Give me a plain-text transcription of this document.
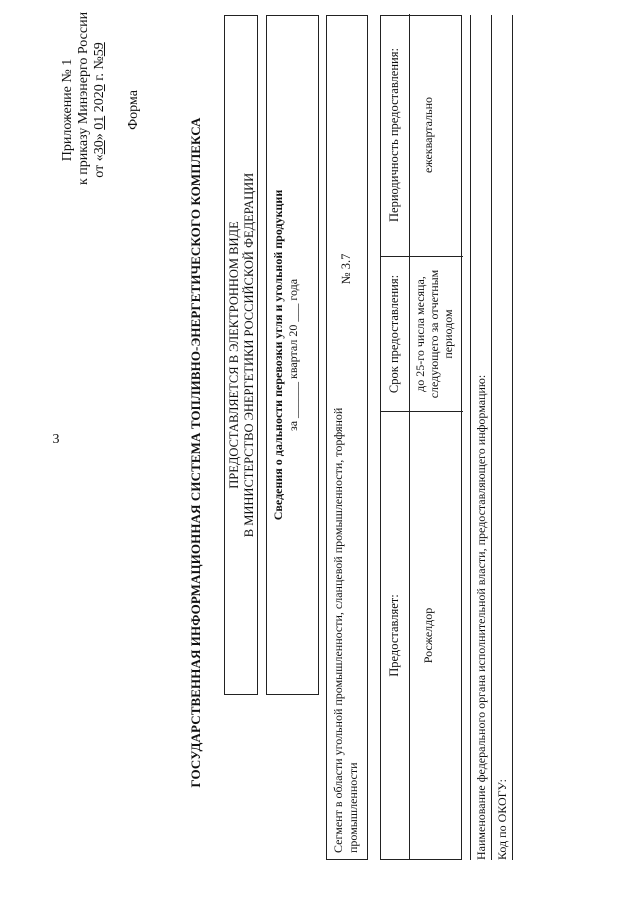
3
Приложение № 1 к приказу Минэнерго России от «30» 01 2020 г. №59
Форма
ГОСУДАРСТВЕННАЯ ИНФОРМАЦИОННАЯ СИСТЕМА ТОПЛИВНО-ЭНЕРГЕТИЧЕСКОГО КОМПЛЕКСА ПРЕДОСТАВЛЯЕТСЯ В ЭЛЕКТРОННОМ ВИДЕ В МИНИСТЕРСТВО ЭНЕРГЕТИКИ РОССИЙСКОЙ ФЕДЕРАЦИИ Сведения о дальности перевозки угля и угольной продукции за ______ квартал 20 ___ года
Сегмент в области угольной промышленности, сланцевой промышленности, торфяной промышленности
№ 3.7
Предоставляет: Росжелдор
Срок предоставления: до 25-го числа месяца, следующего за отчетным периодом
Периодичность предоставления: ежеквартально
Наименование федерального органа исполнительной власти, предоставляющего информацию: Код по ОКОГУ:
